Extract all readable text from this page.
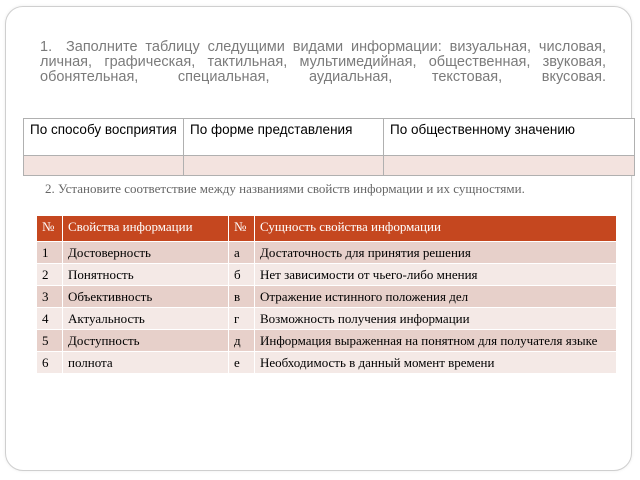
1. Заполните таблицу следущими видами информации: визуальная, числовая, личная, графическая, тактильная, мультимедийная, общественная, звуковая, обонятельная, специальная, аудиальная, текстовая, вкусовая.
По способу восприятия	По форме представления	По общественному значению

2. Установите соответствие между названиями свойств информации и их сущностями.
№	Свойства информации	№	Сущность свойства информации
1	Достоверность	а	Достаточность для принятия решения
2	Понятность	б	Нет зависимости от чьего-либо мнения
3	Объективность	в	Отражение истинного положения дел
4	Актуальность	г	Возможность получения информации
5	Доступность	д	Информация выраженная на понятном для получателя языке
6	полнота	е	Необходимость в данный момент времени
